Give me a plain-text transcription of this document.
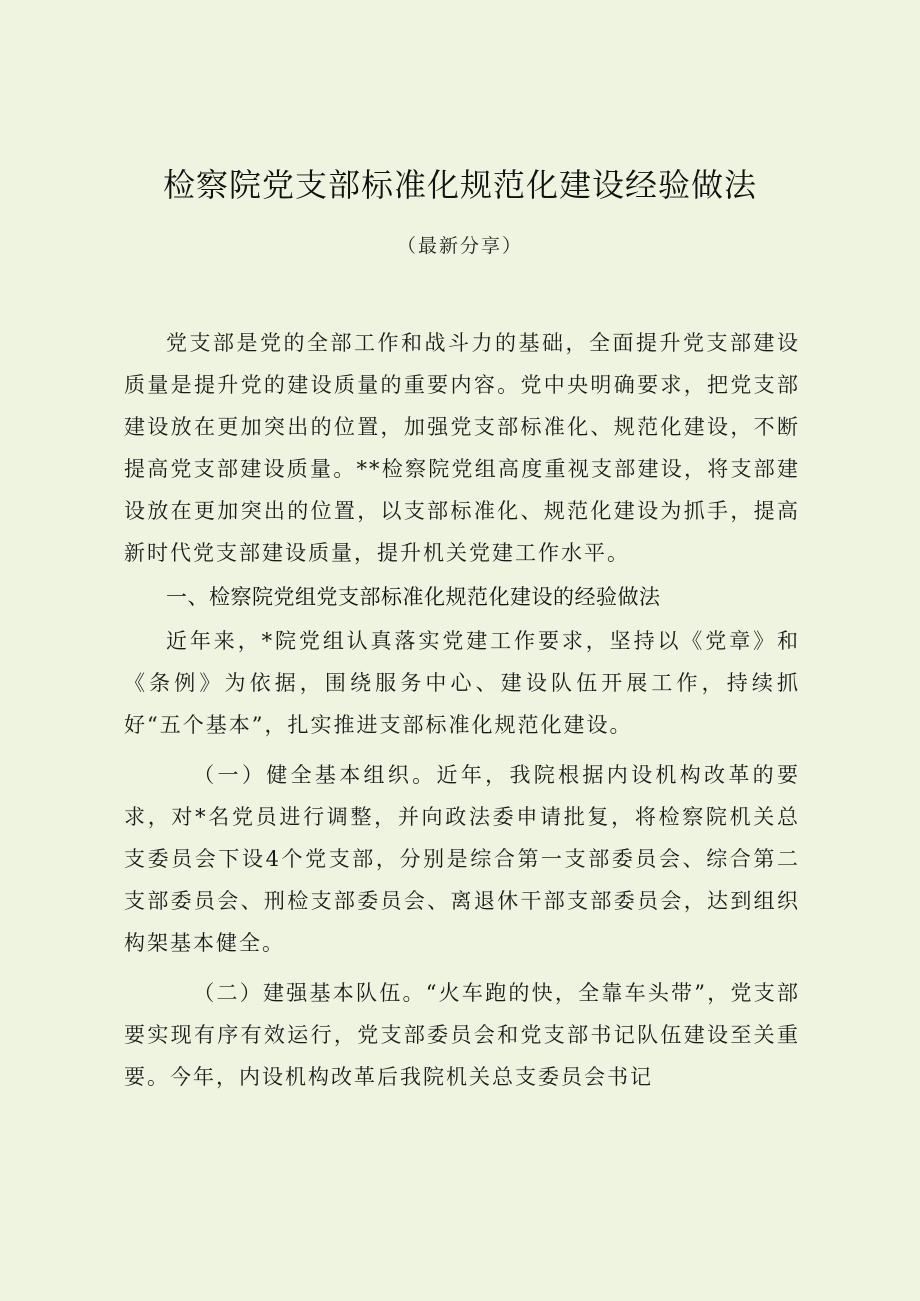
检察院党支部标准化规范化建设经验做法

（最新分享）

党支部是党的全部工作和战斗力的基础，全面提升党支部建设质量是提升党的建设质量的重要内容。党中央明确要求，把党支部建设放在更加突出的位置，加强党支部标准化、规范化建设，不断提高党支部建设质量。**检察院党组高度重视支部建设，将支部建设放在更加突出的位置，以支部标准化、规范化建设为抓手，提高新时代党支部建设质量，提升机关党建工作水平。

一、检察院党组党支部标准化规范化建设的经验做法

近年来，*院党组认真落实党建工作要求，坚持以《党章》和《条例》为依据，围绕服务中心、建设队伍开展工作，持续抓好“五个基本”，扎实推进支部标准化规范化建设。

（一）健全基本组织。近年，我院根据内设机构改革的要求，对*名党员进行调整，并向政法委申请批复，将检察院机关总支委员会下设4个党支部，分别是综合第一支部委员会、综合第二支部委员会、刑检支部委员会、离退休干部支部委员会，达到组织构架基本健全。

（二）建强基本队伍。“火车跑的快，全靠车头带”，党支部要实现有序有效运行，党支部委员会和党支部书记队伍建设至关重要。今年，内设机构改革后我院机关总支委员会书记
